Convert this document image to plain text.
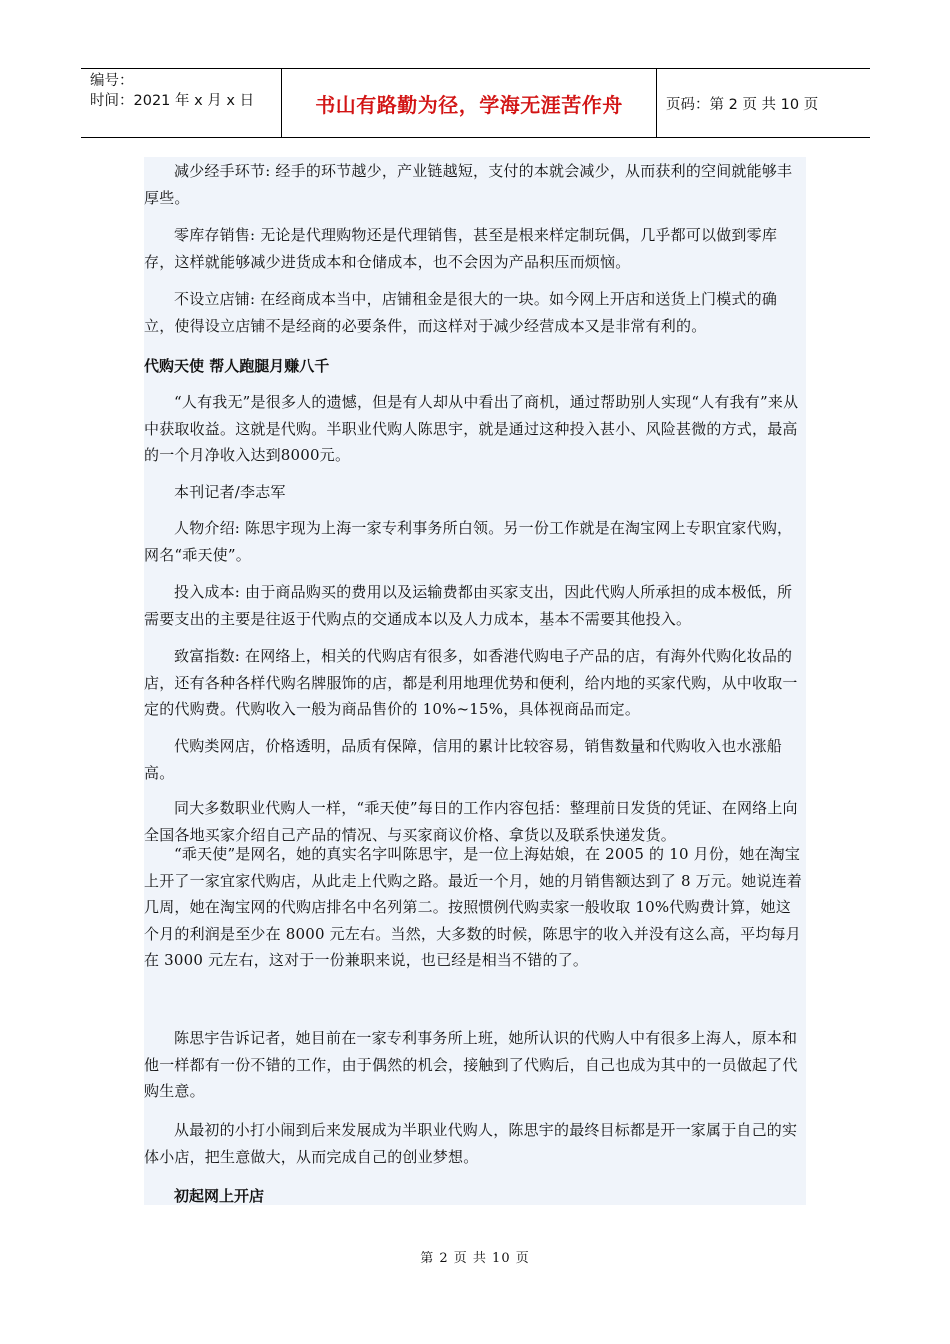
编号：
时间：2021 年 x 月 x 日	书山有路勤为径，学海无涯苦作舟	页码：第 2 页 共 10 页

减少经手环节: 经手的环节越少，产业链越短，支付的本就会减少，从而获利的空间就能够丰厚些。

零库存销售: 无论是代理购物还是代理销售，甚至是根来样定制玩偶，几乎都可以做到零库存，这样就能够减少进货成本和仓储成本，也不会因为产品积压而烦恼。

不设立店铺: 在经商成本当中，店铺租金是很大的一块。如今网上开店和送货上门模式的确立，使得设立店铺不是经商的必要条件，而这样对于减少经营成本又是非常有利的。

代购天使 帮人跑腿月赚八千

“人有我无”是很多人的遗憾，但是有人却从中看出了商机，通过帮助别人实现“人有我有”来从中获取收益。这就是代购。半职业代购人陈思宇，就是通过这种投入甚小、风险甚微的方式，最高的一个月净收入达到8000元。

本刊记者/李志军

人物介绍: 陈思宇现为上海一家专利事务所白领。另一份工作就是在淘宝网上专职宜家代购，网名“乖天使”。

投入成本: 由于商品购买的费用以及运输费都由买家支出，因此代购人所承担的成本极低，所需要支出的主要是往返于代购点的交通成本以及人力成本，基本不需要其他投入。

致富指数: 在网络上，相关的代购店有很多，如香港代购电子产品的店，有海外代购化妆品的店，还有各种各样代购名牌服饰的店，都是利用地理优势和便利，给内地的买家代购，从中收取一定的代购费。代购收入一般为商品售价的 10%~15%，具体视商品而定。

代购类网店，价格透明，品质有保障，信用的累计比较容易，销售数量和代购收入也水涨船高。

同大多数职业代购人一样，“乖天使”每日的工作内容包括：整理前日发货的凭证、在网络上向全国各地买家介绍自己产品的情况、与买家商议价格、拿货以及联系快递发货。

“乖天使”是网名，她的真实名字叫陈思宇，是一位上海姑娘，在 2005 的 10 月份，她在淘宝上开了一家宜家代购店，从此走上代购之路。最近一个月，她的月销售额达到了 8 万元。她说连着几周，她在淘宝网的代购店排名中名列第二。按照惯例代购卖家一般收取 10%代购费计算，她这个月的利润是至少在 8000 元左右。当然，大多数的时候，陈思宇的收入并没有这么高，平均每月在 3000 元左右，这对于一份兼职来说，也已经是相当不错的了。

陈思宇告诉记者，她目前在一家专利事务所上班，她所认识的代购人中有很多上海人，原本和他一样都有一份不错的工作，由于偶然的机会，接触到了代购后，自己也成为其中的一员做起了代购生意。

从最初的小打小闹到后来发展成为半职业代购人，陈思宇的最终目标都是开一家属于自己的实体小店，把生意做大，从而完成自己的创业梦想。

初起网上开店
第 2 页 共 10 页
